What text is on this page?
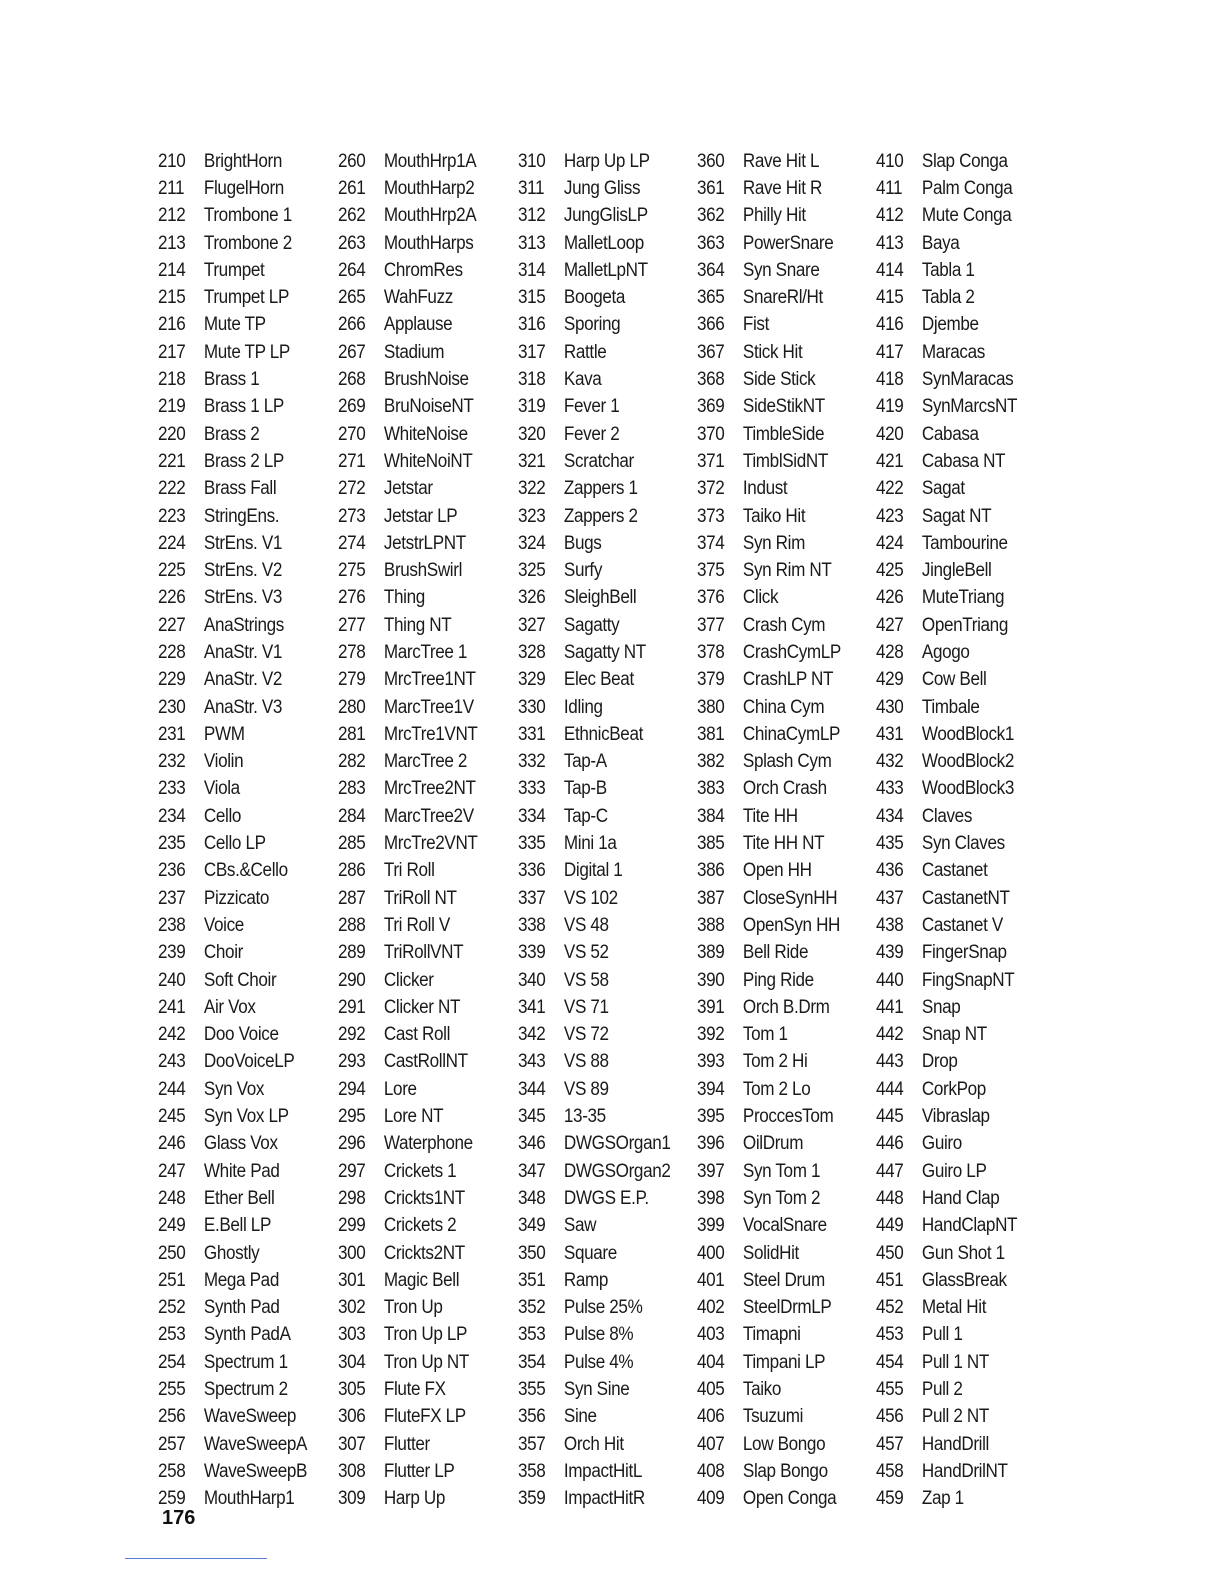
210 BrightHorn
211	FlugelHorn
212 Trombone 1
213 Trombone 2
214 Trumpet
215 Trumpet LP
216 Mute TP
217 Mute TP LP
218 Brass 1
219 Brass 1 LP
220 Brass 2
221 Brass 2 LP
222 Brass Fall
223 StringEns.
224 StrEns. V1
225 StrEns. V2
226 StrEns. V3
227 AnaStrings
228 AnaStr. V1
229 AnaStr. V2
230 AnaStr. V3
231 PWM
232 Violin
233 Viola
234 Cello
235 Cello LP
236 CBs.&Cello
237 Pizzicato
238 Voice
239 Choir
240 Soft Choir
241 Air Vox
242 Doo Voice
243 DooVoiceLP
244 Syn Vox
245 Syn Vox LP
246 Glass Vox
247 White Pad
248 Ether Bell
249 E.Bell LP
250 Ghostly
251 Mega Pad
252 Synth Pad
253 Synth PadA
254 Spectrum 1
255 Spectrum 2
256 WaveSweep
257 WaveSweepA
258 WaveSweepB
259 MouthHarp1
260 MouthHrp1A
261 MouthHarp2
262 MouthHrp2A
263 MouthHarps
264 ChromRes
265 WahFuzz
266 Applause
267 Stadium
268 BrushNoise
269 BruNoiseNT
270 WhiteNoise
271 WhiteNoiNT
272 Jetstar
273 Jetstar LP
274 JetstrLPNT
275 BrushSwirl
276 Thing
277 Thing NT
278 MarcTree 1
279 MrcTree1NT
280 MarcTree1V
281 MrcTre1VNT
282 MarcTree 2
283 MrcTree2NT
284 MarcTree2V
285 MrcTre2VNT
286 Tri Roll
287 TriRoll NT
288 Tri Roll V
289 TriRollVNT
290 Clicker
291 Clicker NT
292 Cast Roll
293 CastRollNT
294 Lore
295 Lore NT
296 Waterphone
297 Crickets 1
298 Crickts1NT
299 Crickets 2
300 Crickts2NT
301 Magic Bell
302 Tron Up
303 Tron Up LP
304 Tron Up NT
305 Flute FX
306 FluteFX LP
307 Flutter
308 Flutter LP
309 Harp Up
310 Harp Up LP
311	Jung Gliss
312 JungGlisLP
313 MalletLoop
314 MalletLpNT
315 Boogeta
316 Sporing
317 Rattle
318 Kava
319 Fever 1
320 Fever 2
321 Scratchar
322 Zappers 1
323 Zappers 2
324 Bugs
325 Surfy
326 SleighBell
327 Sagatty
328 Sagatty NT
329 Elec Beat
330 Idling
331 EthnicBeat
332 Tap-A
333 Tap-B
334 Tap-C
335 Mini 1a
336 Digital 1
337 VS 102
338 VS 48
339 VS 52
340 VS 58
341 VS 71
342 VS 72
343 VS 88
344 VS 89
345 13-35
346 DWGSOrgan1
347 DWGSOrgan2
348 DWGS E.P.
349 Saw
350 Square
351 Ramp
352 Pulse 25%
353 Pulse 8%
354 Pulse 4%
355 Syn Sine
356 Sine
357 Orch Hit
358 ImpactHitL
359 ImpactHitR
360 Rave Hit L
361 Rave Hit R
362 Philly Hit
363 PowerSnare
364 Syn Snare
365 SnareRl/Ht
366 Fist
367 Stick Hit
368 Side Stick
369 SideStikNT
370 TimbleSide
371 TimblSidNT
372 Indust
373 Taiko Hit
374 Syn Rim
375 Syn Rim NT
376 Click
377 Crash Cym
378 CrashCymLP
379 CrashLP NT
380 China Cym
381 ChinaCymLP
382 Splash Cym
383 Orch Crash
384 Tite HH
385 Tite HH NT
386 Open HH
387 CloseSynHH
388 OpenSyn HH
389 Bell Ride
390 Ping Ride
391 Orch B.Drm
392 Tom 1
393 Tom 2 Hi
394 Tom 2 Lo
395 ProccesTom
396 OilDrum
397 Syn Tom 1
398 Syn Tom 2
399 VocalSnare
400 SolidHit
401 Steel Drum
402 SteelDrmLP
403 Timapni
404 Timpani LP
405 Taiko
406 Tsuzumi
407 Low Bongo
408 Slap Bongo
409 Open Conga
410 Slap Conga
411	Palm Conga
412 Mute Conga
413 Baya
414 Tabla 1
415 Tabla 2
416 Djembe
417 Maracas
418 SynMaracas
419 SynMarcsNT
420 Cabasa
421 Cabasa NT
422 Sagat
423 Sagat NT
424 Tambourine
425 JingleBell
426 MuteTriang
427 OpenTriang
428 Agogo
429 Cow Bell
430 Timbale
431 WoodBlock1
432 WoodBlock2
433 WoodBlock3
434 Claves
435 Syn Claves
436 Castanet
437 CastanetNT
438 Castanet V
439 FingerSnap
440 FingSnapNT
441 Snap
442 Snap NT
443 Drop
444 CorkPop
445 Vibraslap
446 Guiro
447 Guiro LP
448 Hand Clap
449 HandClapNT
450 Gun Shot 1
451 GlassBreak
452 Metal Hit
453 Pull 1
454 Pull 1 NT
455 Pull 2
456 Pull 2 NT
457 HandDrill
458 HandDrilNT
459 Zap 1
176
